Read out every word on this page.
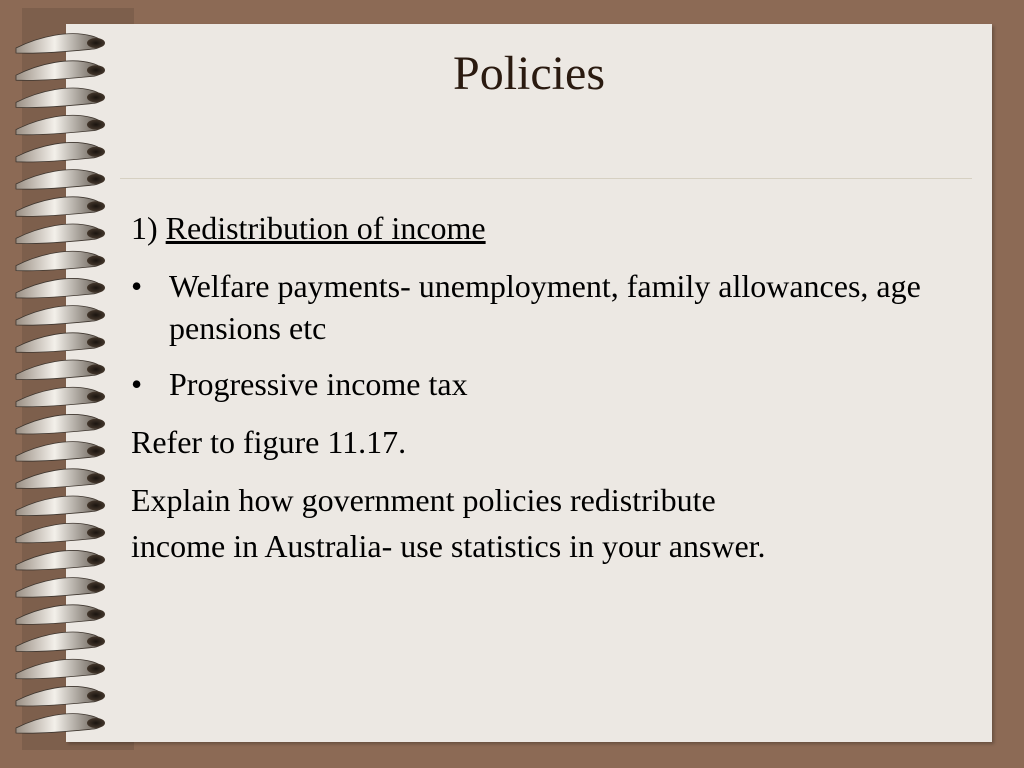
Policies

1) Redistribution of income

• Welfare payments- unemployment, family allowances, age pensions etc
• Progressive income tax

Refer to figure 11.17.

Explain how government policies redistribute

income in Australia- use statistics in your answer.
